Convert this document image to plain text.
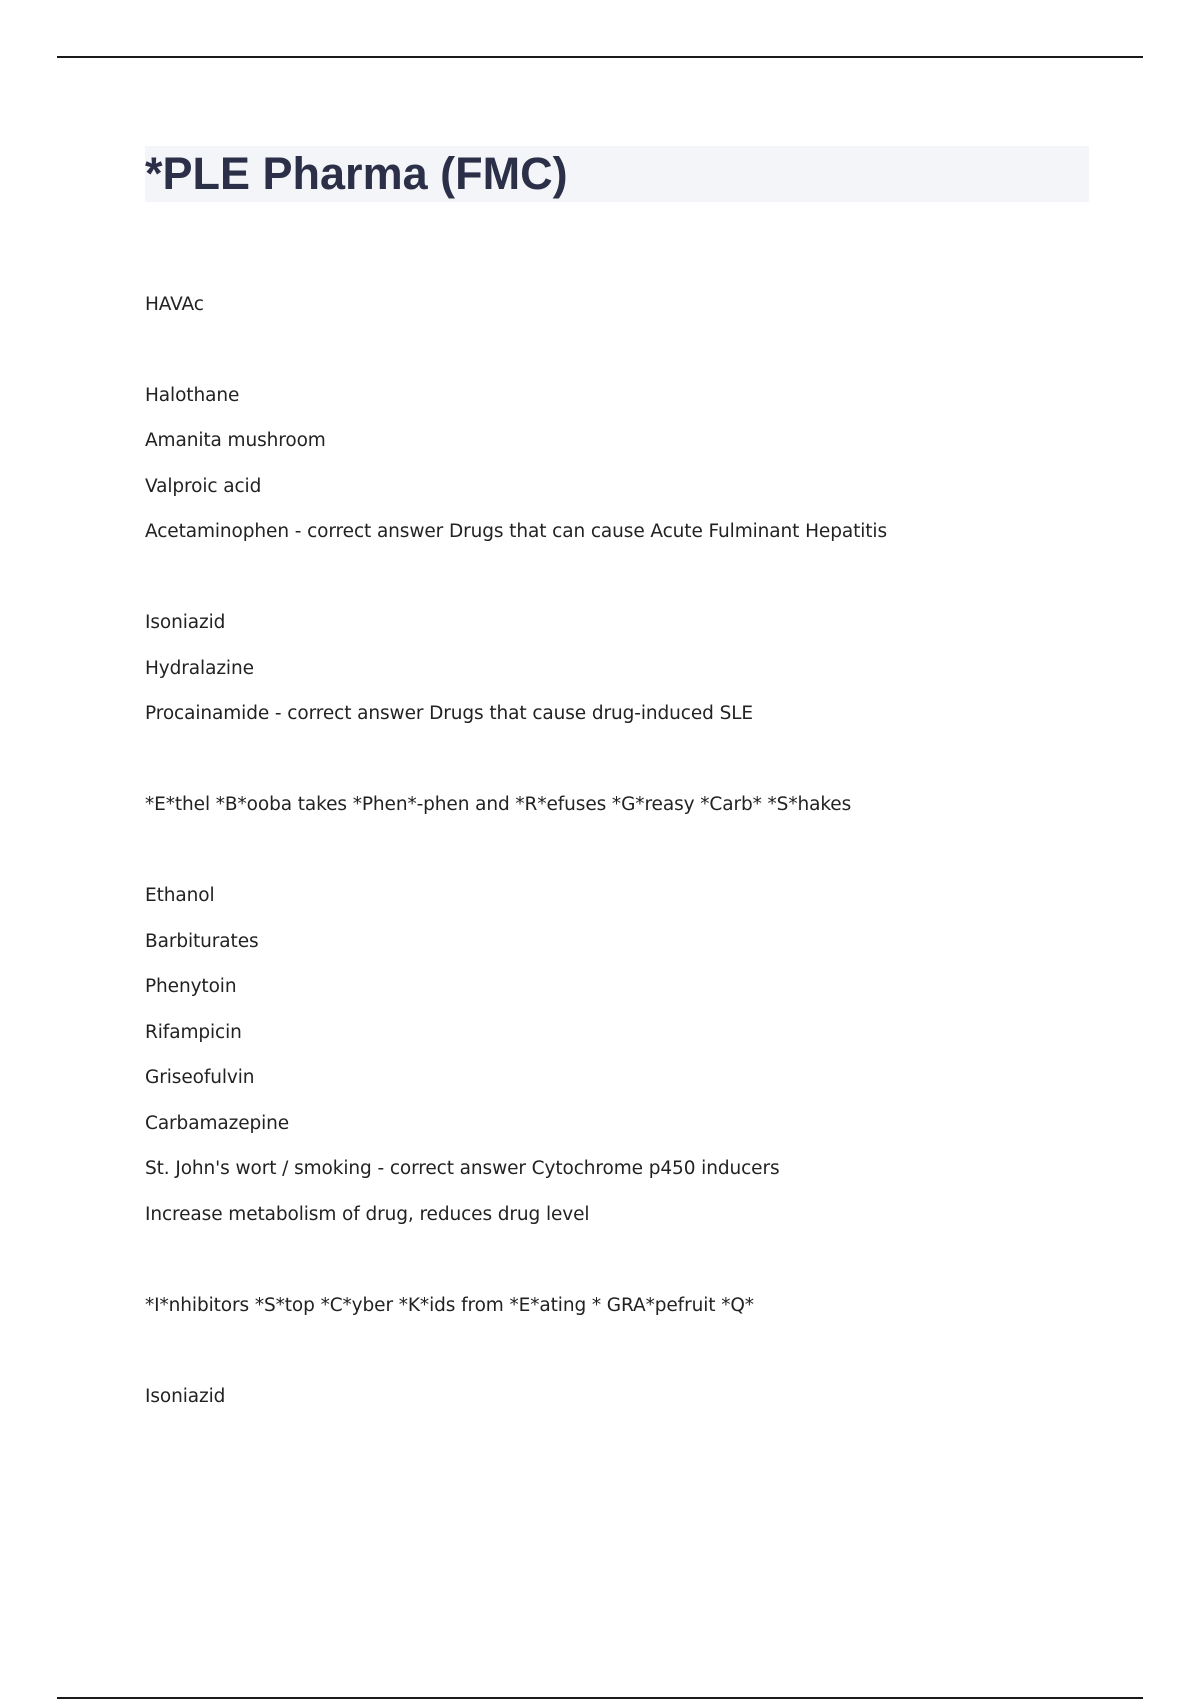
*PLE Pharma (FMC)
HAVAc
Halothane
Amanita mushroom
Valproic acid
Acetaminophen - correct answer Drugs that can cause Acute Fulminant Hepatitis
Isoniazid
Hydralazine
Procainamide - correct answer Drugs that cause drug-induced SLE
*E*thel *B*ooba takes *Phen*-phen and *R*efuses *G*reasy *Carb* *S*hakes
Ethanol
Barbiturates
Phenytoin
Rifampicin
Griseofulvin
Carbamazepine
St. John's wort / smoking - correct answer Cytochrome p450 inducers
Increase metabolism of drug, reduces drug level
*I*nhibitors *S*top *C*yber *K*ids from *E*ating * GRA*pefruit *Q*
Isoniazid
